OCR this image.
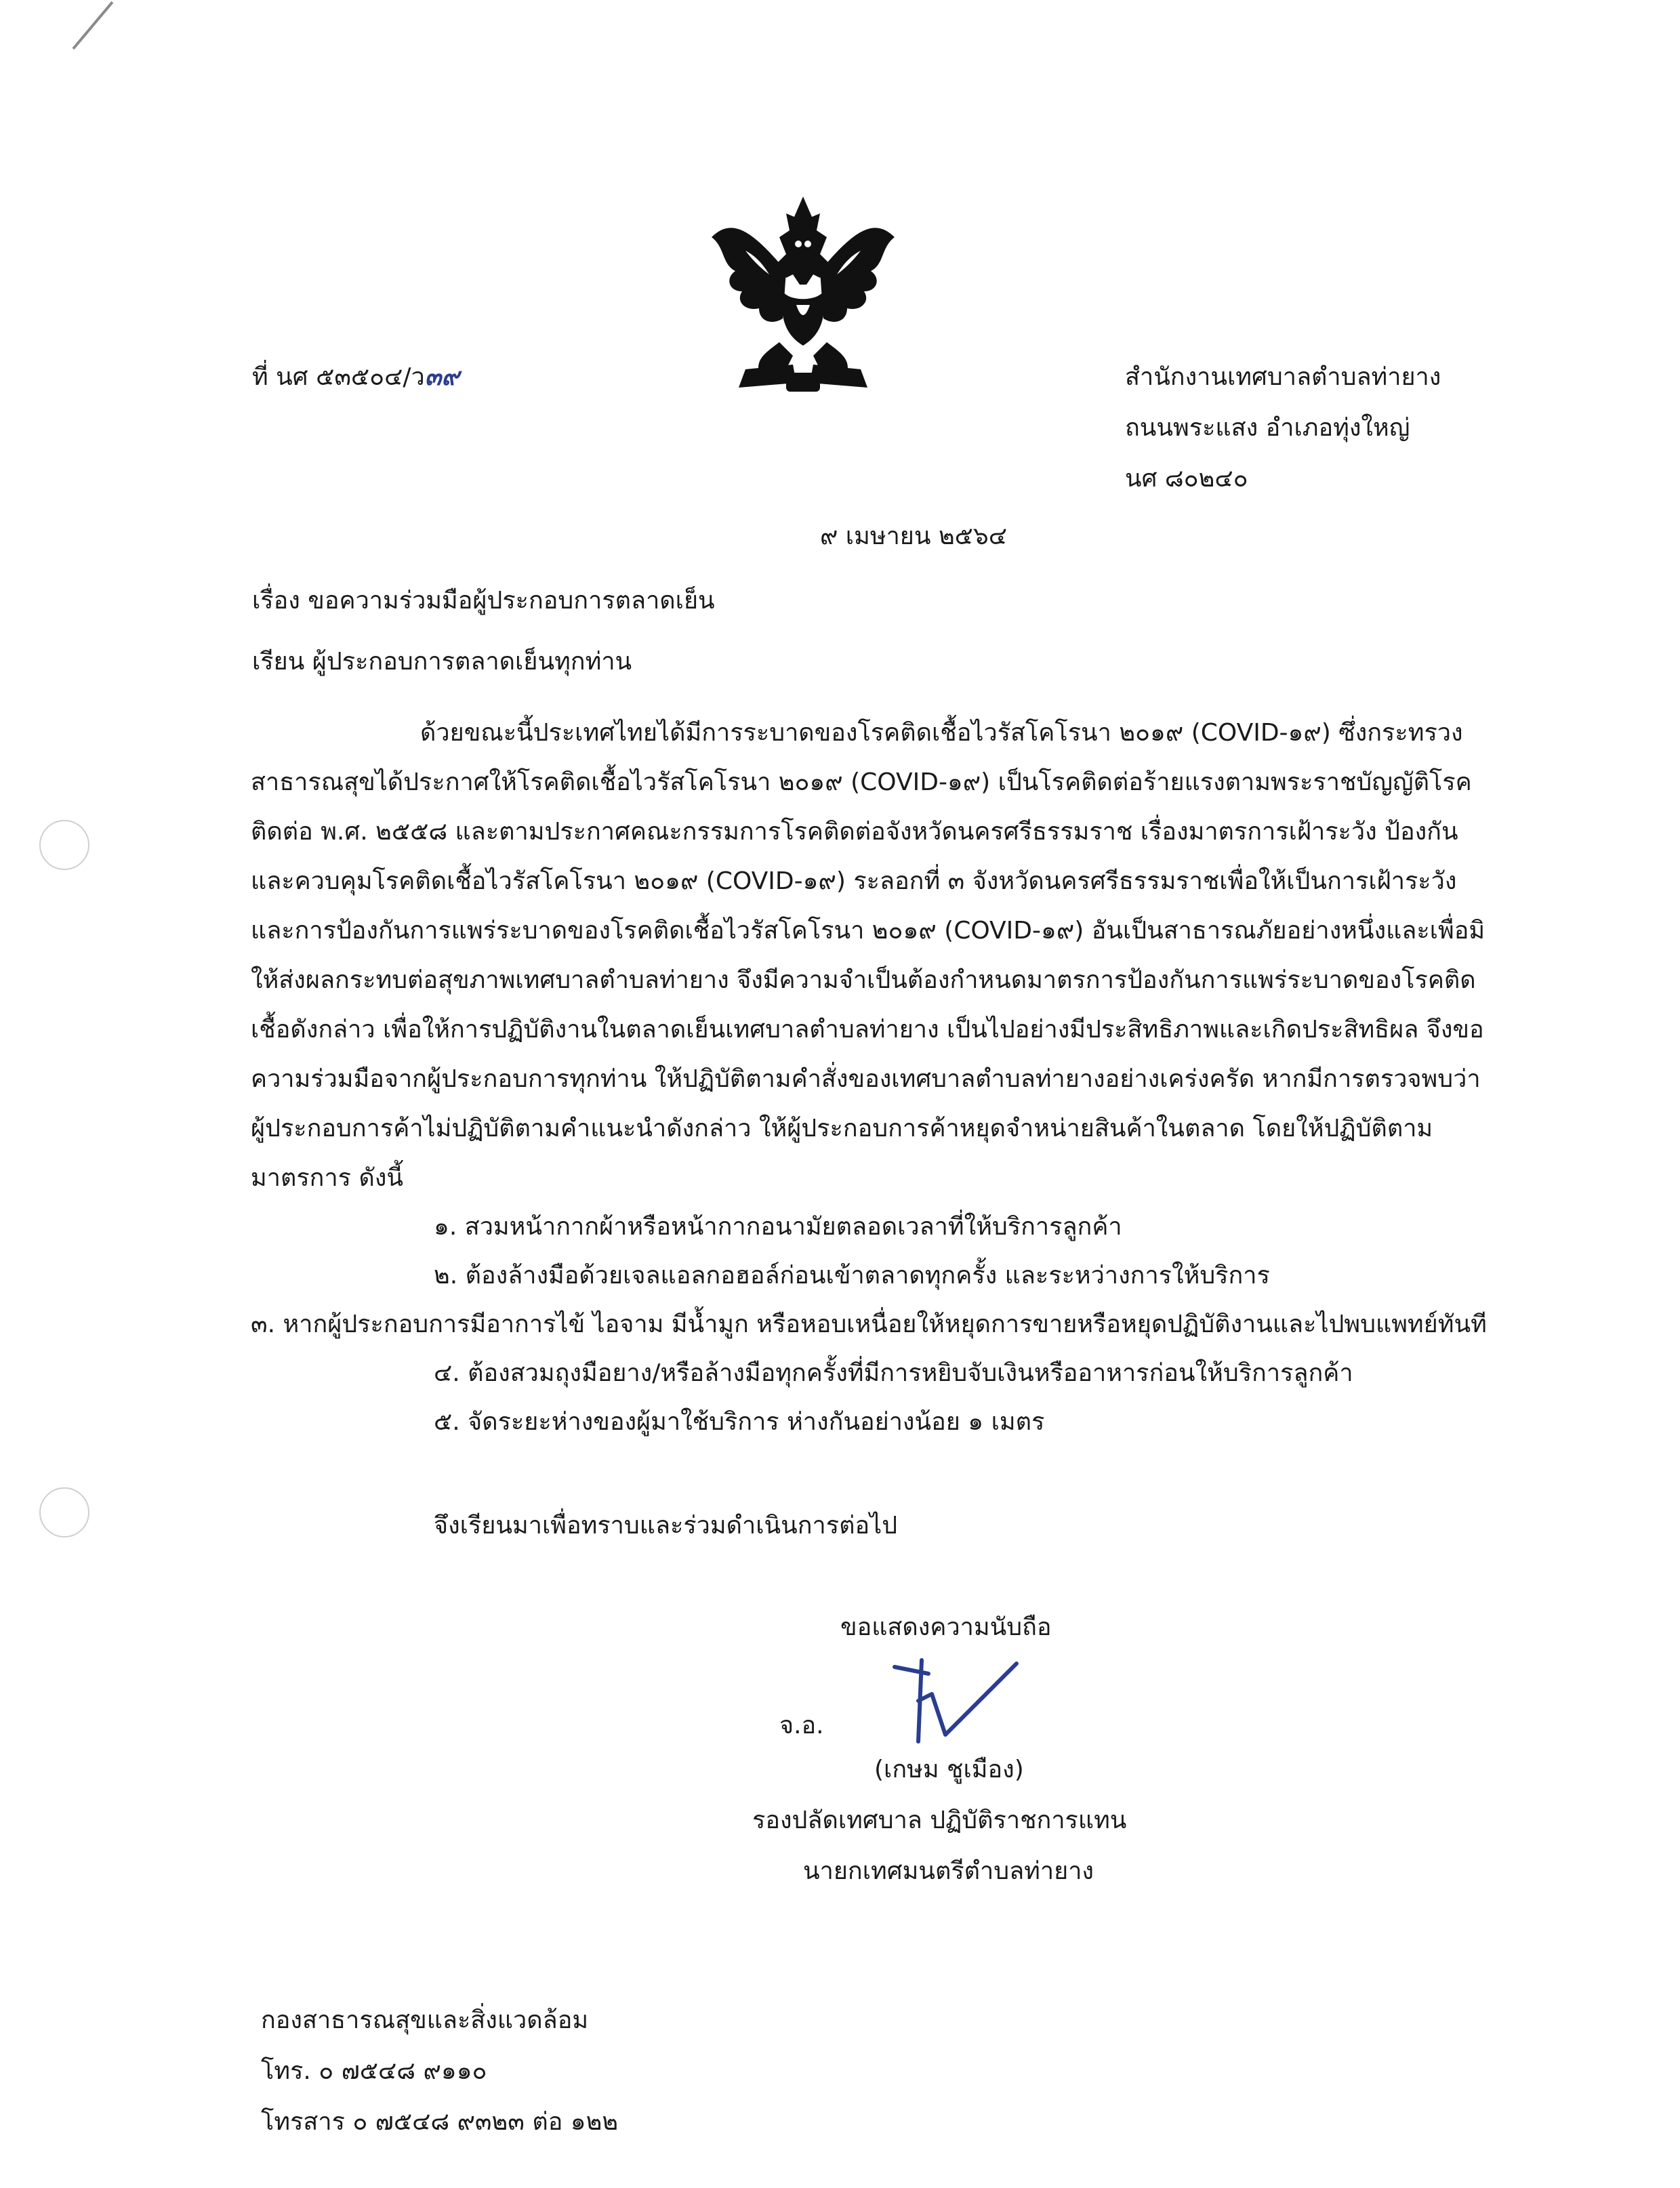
ที่ นศ ๕๓๕๐๔/ว๓๙	สำนักงานเทศบาลตำบลท่ายาง
ถนนพระแสง อำเภอทุ่งใหญ่
นศ ๘๐๒๔๐
๙ เมษายน ๒๕๖๔
เรื่อง ขอความร่วมมือผู้ประกอบการตลาดเย็น
เรียน ผู้ประกอบการตลาดเย็นทุกท่าน

ด้วยขณะนี้ประเทศไทยได้มีการระบาดของโรคติดเชื้อไวรัสโคโรนา ๒๐๑๙ (COVID-๑๙) ซึ่งกระทรวงสาธารณสุขได้ประกาศให้โรคติดเชื้อไวรัสโคโรนา ๒๐๑๙ (COVID-๑๙) เป็นโรคติดต่อร้ายแรงตามพระราชบัญญัติโรคติดต่อ พ.ศ. ๒๕๕๘ และตามประกาศคณะกรรมการโรคติดต่อจังหวัดนครศรีธรรมราช เรื่องมาตรการเฝ้าระวัง ป้องกัน และควบคุมโรคติดเชื้อไวรัสโคโรนา ๒๐๑๙ (COVID-๑๙) ระลอกที่ ๓ จังหวัดนครศรีธรรมราชเพื่อให้เป็นการเฝ้าระวังและการป้องกันการแพร่ระบาดของโรคติดเชื้อไวรัสโคโรนา ๒๐๑๙ (COVID-๑๙) อันเป็นสาธารณภัยอย่างหนึ่งและเพื่อมิให้ส่งผลกระทบต่อสุขภาพเทศบาลตำบลท่ายาง จึงมีความจำเป็นต้องกำหนดมาตรการป้องกันการแพร่ระบาดของโรคติดเชื้อดังกล่าว เพื่อให้การปฏิบัติงานในตลาดเย็นเทศบาลตำบลท่ายาง เป็นไปอย่างมีประสิทธิภาพและเกิดประสิทธิผล จึงขอความร่วมมือจากผู้ประกอบการทุกท่าน ให้ปฏิบัติตามคำสั่งของเทศบาลตำบลท่ายางอย่างเคร่งครัด หากมีการตรวจพบว่าผู้ประกอบการค้าไม่ปฏิบัติตามคำแนะนำดังกล่าว ให้ผู้ประกอบการค้าหยุดจำหน่ายสินค้าในตลาด โดยให้ปฏิบัติตามมาตรการ ดังนี้

๑. สวมหน้ากากผ้าหรือหน้ากากอนามัยตลอดเวลาที่ให้บริการลูกค้า

๒. ต้องล้างมือด้วยเจลแอลกอฮอล์ก่อนเข้าตลาดทุกครั้ง และระหว่างการให้บริการ

๓. หากผู้ประกอบการมีอาการไข้ ไอจาม มีน้ำมูก หรือหอบเหนื่อยให้หยุดการขายหรือหยุดปฏิบัติงานและไปพบแพทย์ทันที

๔. ต้องสวมถุงมือยาง/หรือล้างมือทุกครั้งที่มีการหยิบจับเงินหรืออาหารก่อนให้บริการลูกค้า

๕. จัดระยะห่างของผู้มาใช้บริการ ห่างกันอย่างน้อย ๑ เมตร

จึงเรียนมาเพื่อทราบและร่วมดำเนินการต่อไป
ขอแสดงความนับถือ
จ.อ.
(เกษม ชูเมือง)
รองปลัดเทศบาล ปฏิบัติราชการแทน
นายกเทศมนตรีตำบลท่ายาง
กองสาธารณสุขและสิ่งแวดล้อม
โทร. ๐ ๗๕๔๘ ๙๑๑๐
โทรสาร ๐ ๗๕๔๘ ๙๓๒๓ ต่อ ๑๒๒
